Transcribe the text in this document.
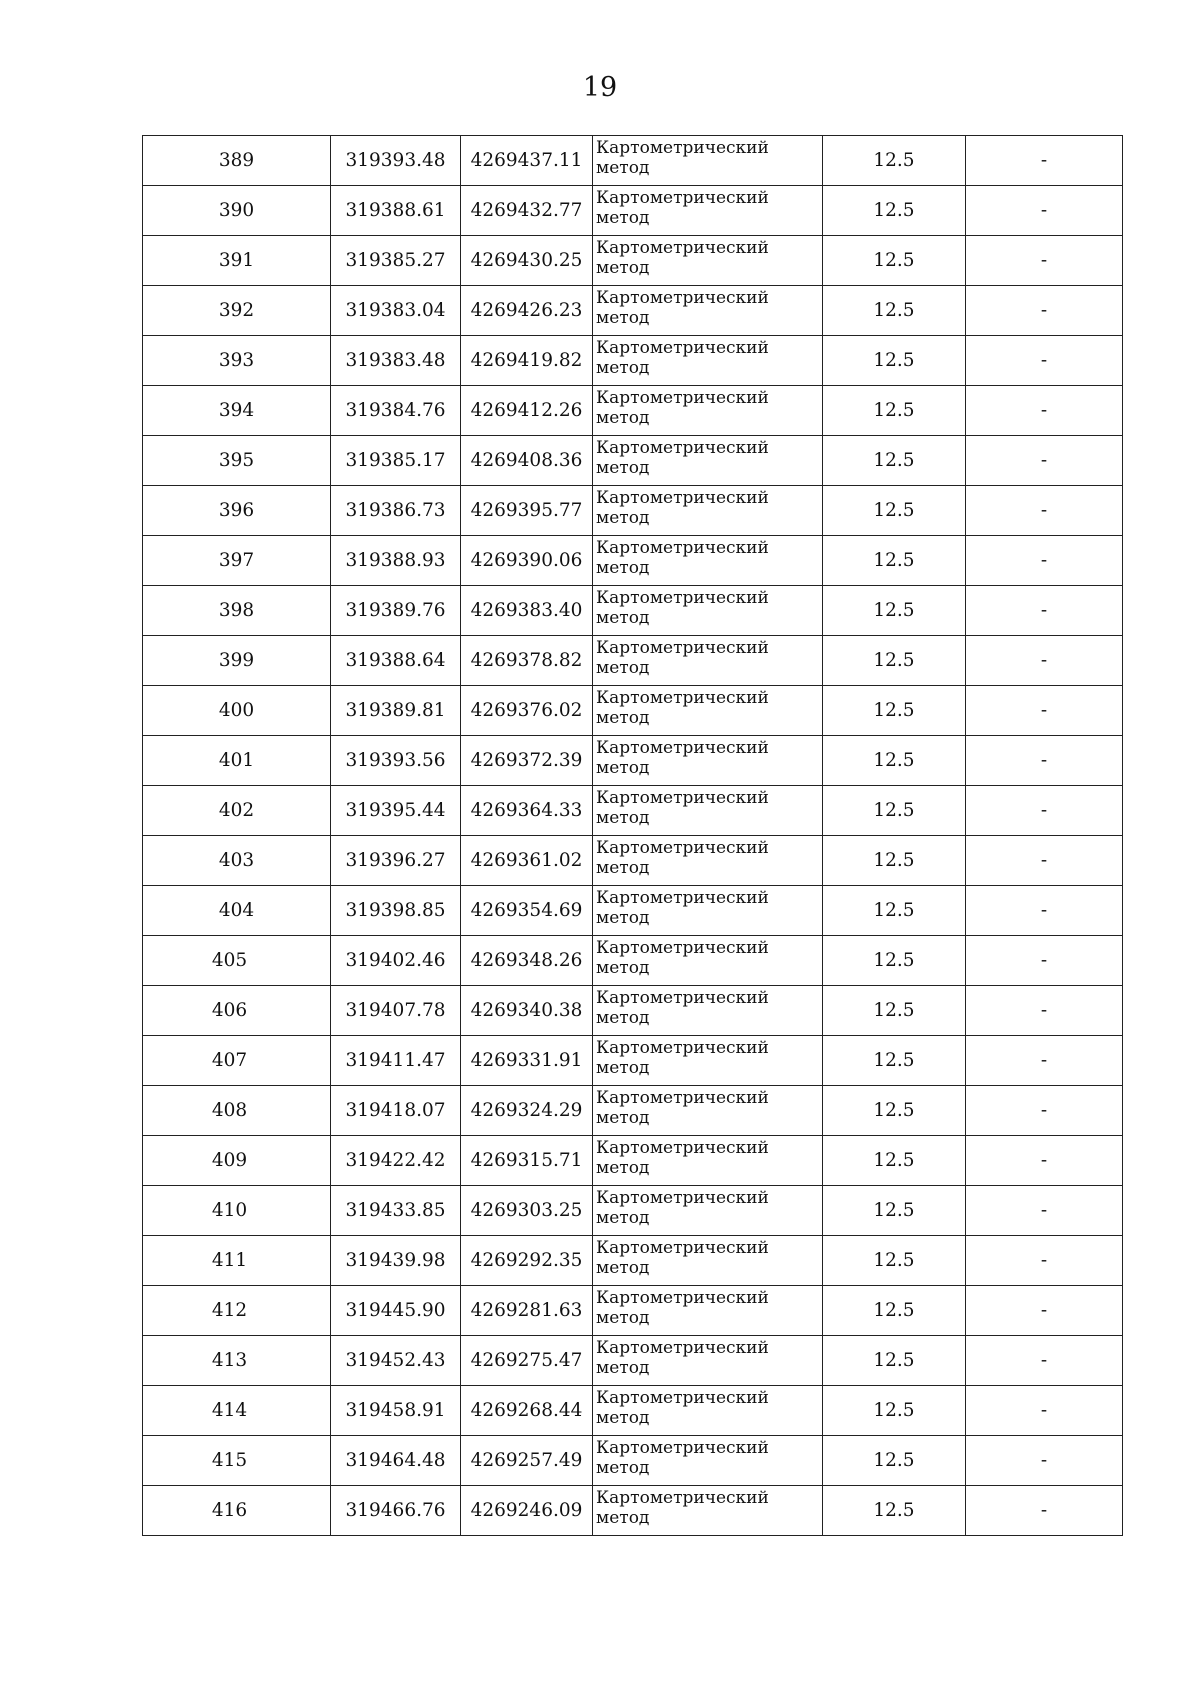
19
389	319393.48	4269437.11	Картометрический метод	12.5	-
390	319388.61	4269432.77	Картометрический метод	12.5	-
391	319385.27	4269430.25	Картометрический метод	12.5	-
392	319383.04	4269426.23	Картометрический метод	12.5	-
393	319383.48	4269419.82	Картометрический метод	12.5	-
394	319384.76	4269412.26	Картометрический метод	12.5	-
395	319385.17	4269408.36	Картометрический метод	12.5	-
396	319386.73	4269395.77	Картометрический метод	12.5	-
397	319388.93	4269390.06	Картометрический метод	12.5	-
398	319389.76	4269383.40	Картометрический метод	12.5	-
399	319388.64	4269378.82	Картометрический метод	12.5	-
400	319389.81	4269376.02	Картометрический метод	12.5	-
401	319393.56	4269372.39	Картометрический метод	12.5	-
402	319395.44	4269364.33	Картометрический метод	12.5	-
403	319396.27	4269361.02	Картометрический метод	12.5	-
404	319398.85	4269354.69	Картометрический метод	12.5	-
405	319402.46	4269348.26	Картометрический метод	12.5	-
406	319407.78	4269340.38	Картометрический метод	12.5	-
407	319411.47	4269331.91	Картометрический метод	12.5	-
408	319418.07	4269324.29	Картометрический метод	12.5	-
409	319422.42	4269315.71	Картометрический метод	12.5	-
410	319433.85	4269303.25	Картометрический метод	12.5	-
411	319439.98	4269292.35	Картометрический метод	12.5	-
412	319445.90	4269281.63	Картометрический метод	12.5	-
413	319452.43	4269275.47	Картометрический метод	12.5	-
414	319458.91	4269268.44	Картометрический метод	12.5	-
415	319464.48	4269257.49	Картометрический метод	12.5	-
416	319466.76	4269246.09	Картометрический метод	12.5	-
